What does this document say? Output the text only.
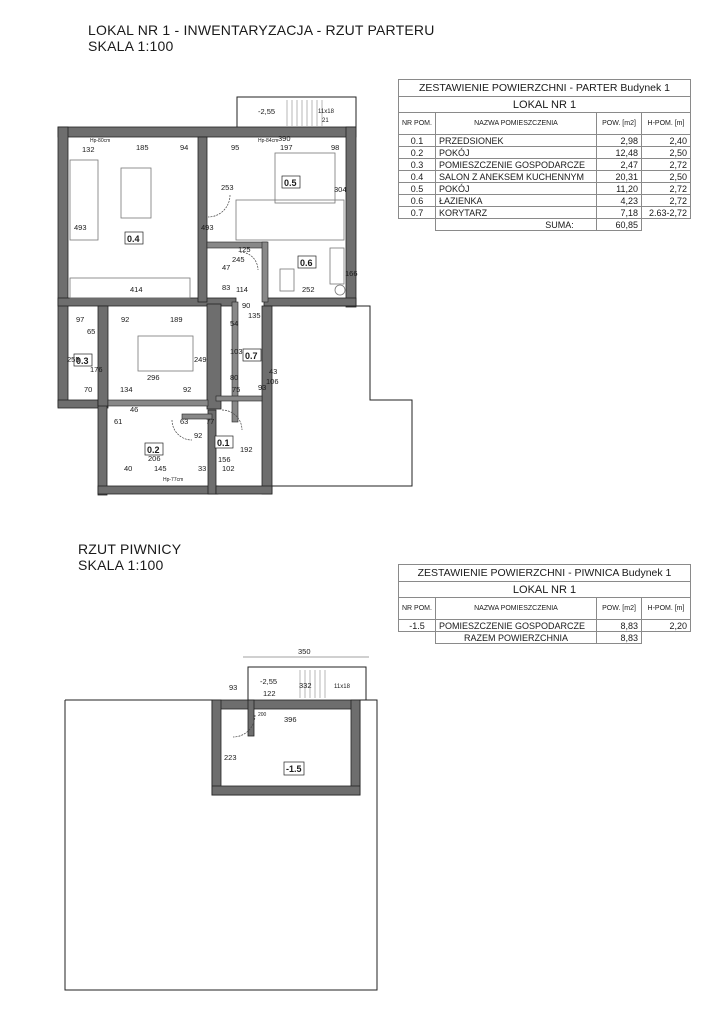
LOKAL NR 1 - INWENTARYZACJA - RZUT PARTERU
SKALA 1:100
RZUT PIWNICY
SKALA 1:100
ZESTAWIENIE POWIERZCHNI - PARTER Budynek 1			
LOKAL NR 1			
NR POM.	NAZWA POMIESZCZENIA	POW. [m2]	H-POM. [m]
0.1	PRZEDSIONEK	2,98	2,40
0.2	POKÓJ	12,48	2,50
0.3	POMIESZCZENIE GOSPODARCZE	2,47	2,72
0.4	SALON Z ANEKSEM KUCHENNYM	20,31	2,50
0.5	POKÓJ	11,20	2,72
0.6	ŁAZIENKA	4,23	2,72
0.7	KORYTARZ	7,18	2.63-2,72
	SUMA:	60,85	
ZESTAWIENIE POWIERZCHNI - PIWNICA Budynek 1			
LOKAL NR 1			
NR POM.	NAZWA POMIESZCZENIA	POW. [m2]	H-POM. [m]
-1.5	POMIESZCZENIE GOSPODARCZE	8,83	2,20
	RAZEM POWIERZCHNIA	8,83	
0.4
0.5
0.6
0.3	0.7
0.2
0.1
-2,55	11x18
21
132	185	94	95	197	98
390
Hp-80cm	Hp-84cm
493	493
253	304
414	252
90
114
166
97
65
92	189	135
255
176
249
103
296	80
70	134	92	75 93
106
43
46
77
63
61
92
206
192
156
40	145	33 102
Hp-77cm
47
245
125
83
54
-1.5
350
93	332
-2,55
11x18
122
396
223
200
